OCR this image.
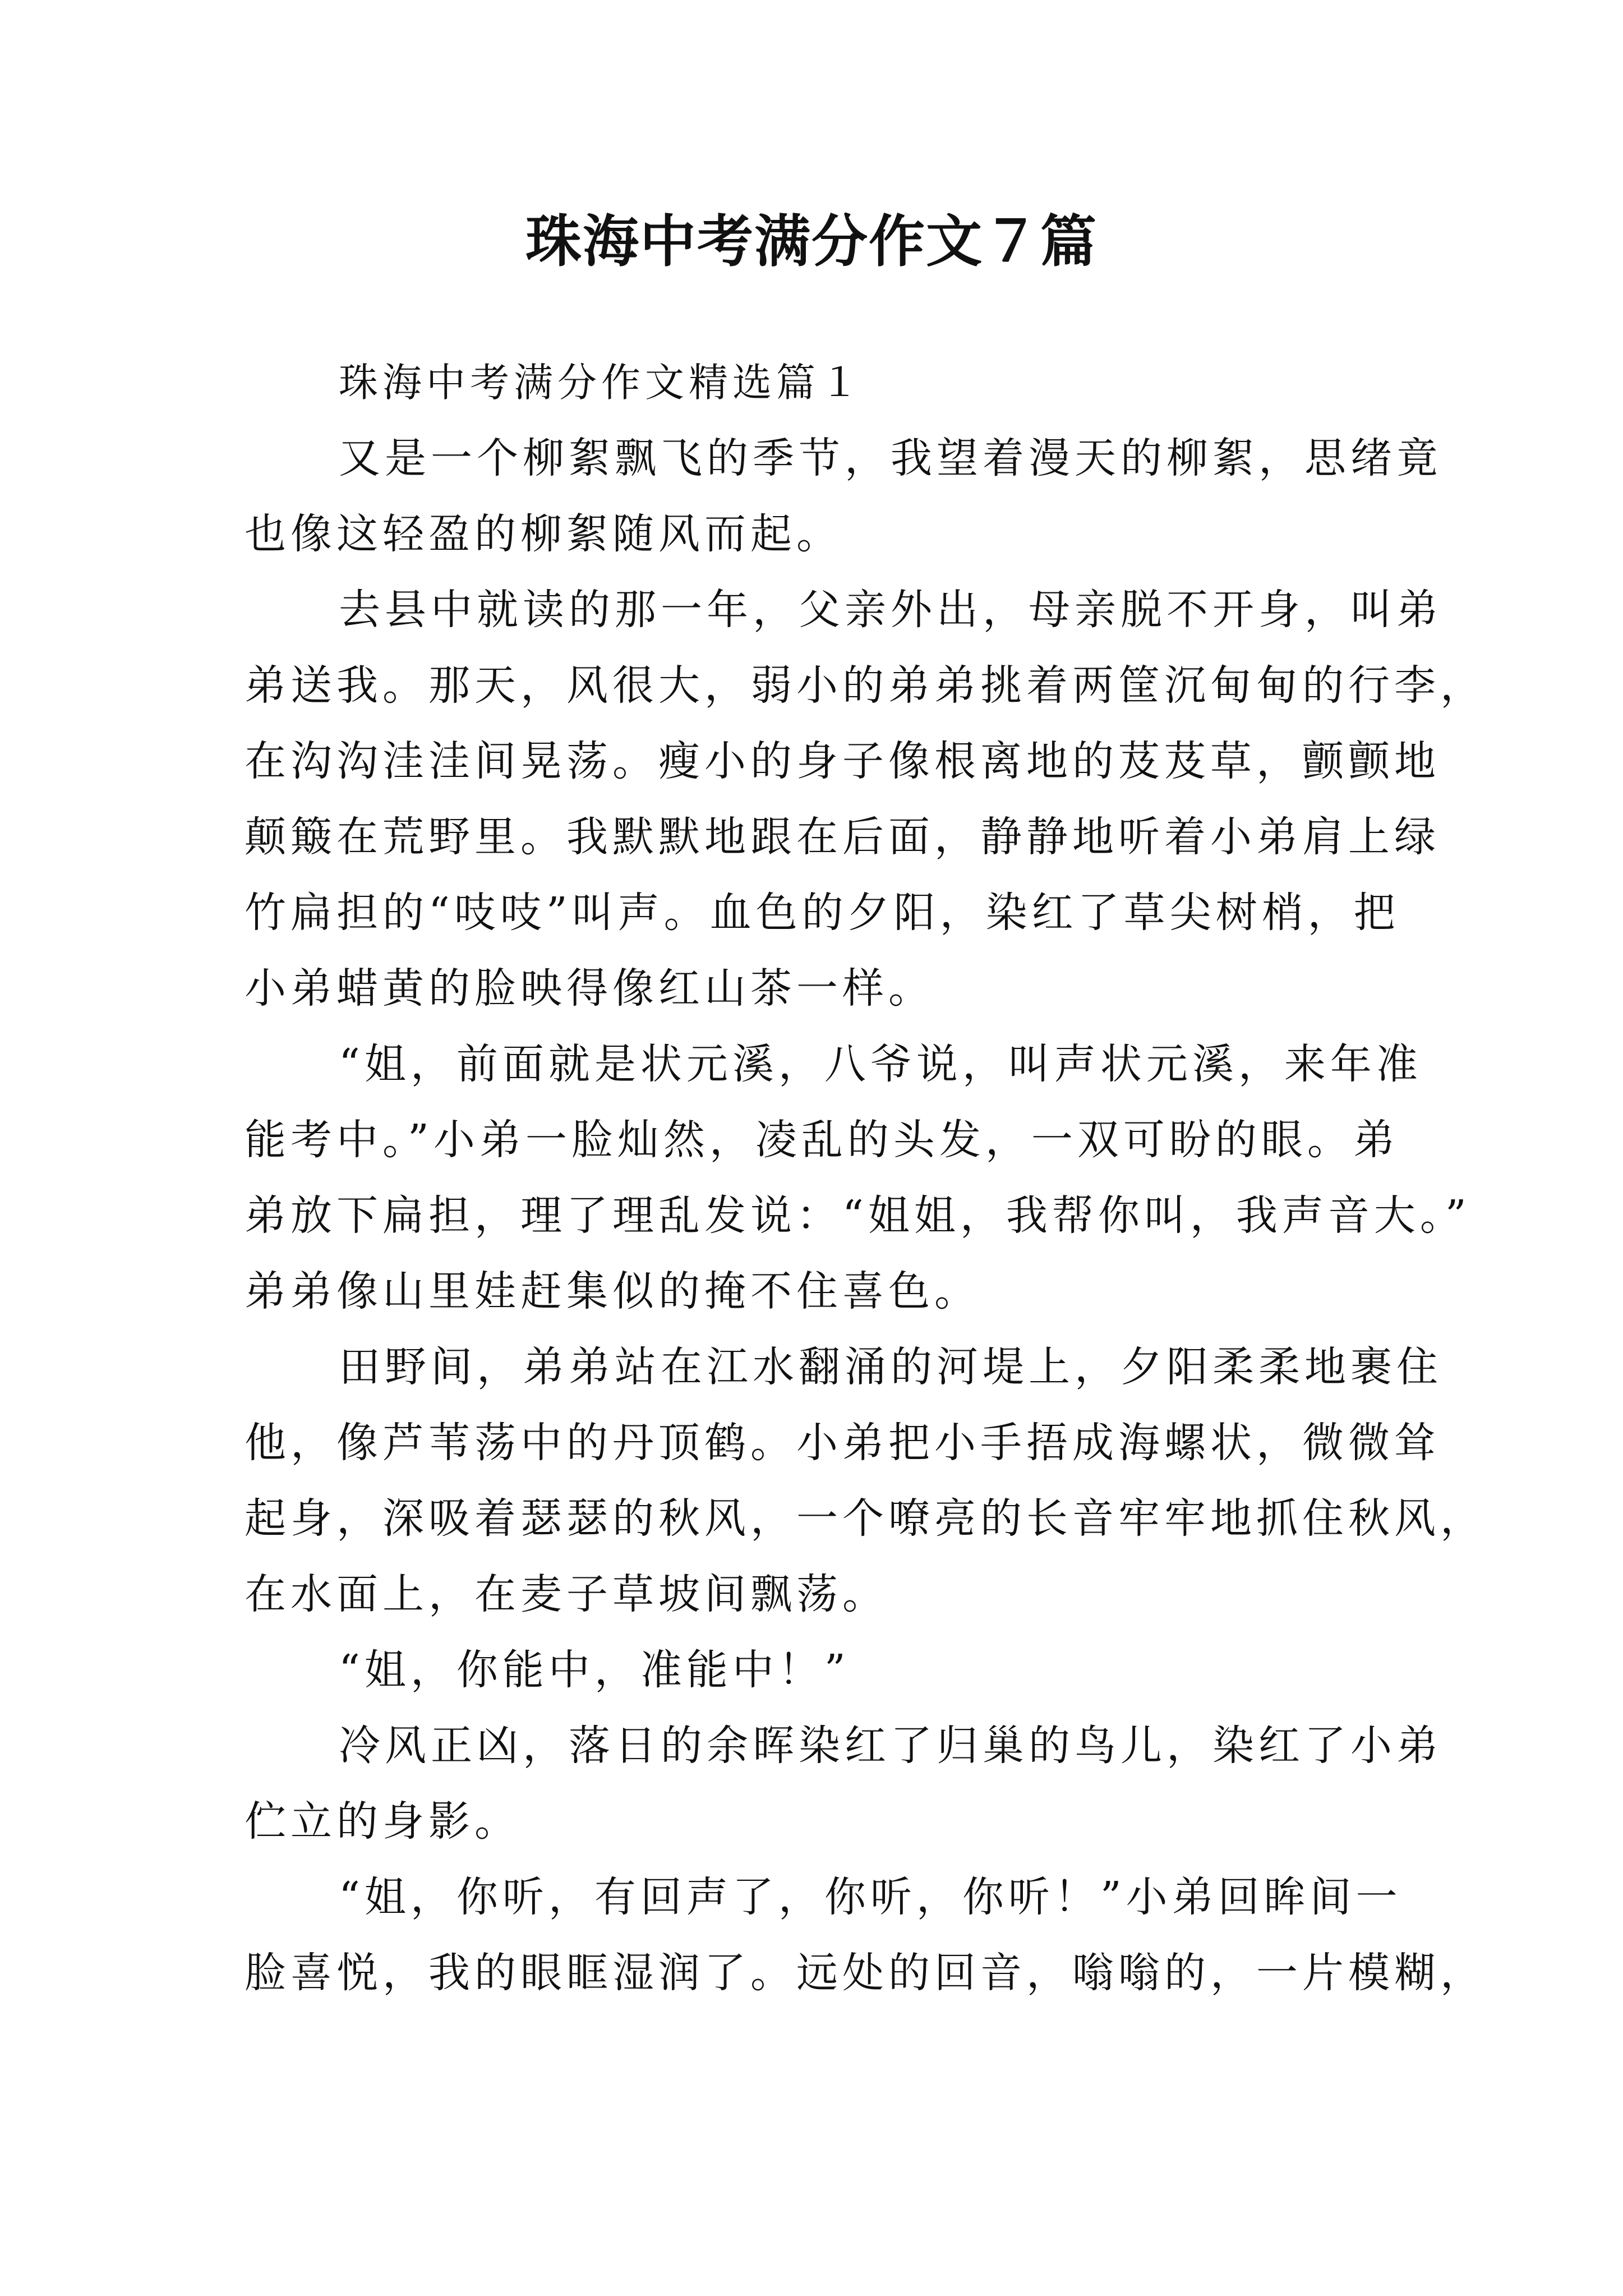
珠海中考满分作文７篇
珠海中考满分作文精选篇１
又是一个柳絮飘飞的季节，我望着漫天的柳絮，思绪竟
也像这轻盈的柳絮随风而起。
去县中就读的那一年，父亲外出，母亲脱不开身，叫弟
弟送我。那天，风很大，弱小的弟弟挑着两筐沉甸甸的行李，
在沟沟洼洼间晃荡。瘦小的身子像根离地的芨芨草，颤颤地
颠簸在荒野里。我默默地跟在后面，静静地听着小弟肩上绿
竹扁担的“吱吱”叫声。血色的夕阳，染红了草尖树梢，把
小弟蜡黄的脸映得像红山茶一样。
“姐，前面就是状元溪，八爷说，叫声状元溪，来年准
能考中。”小弟一脸灿然，凌乱的头发，一双可盼的眼。弟
弟放下扁担，理了理乱发说：“姐姐，我帮你叫，我声音大。”
弟弟像山里娃赶集似的掩不住喜色。
田野间，弟弟站在江水翻涌的河堤上，夕阳柔柔地裹住
他，像芦苇荡中的丹顶鹤。小弟把小手捂成海螺状，微微耸
起身，深吸着瑟瑟的秋风，一个嘹亮的长音牢牢地抓住秋风，
在水面上，在麦子草坡间飘荡。
“姐，你能中，准能中！”
冷风正凶，落日的余晖染红了归巢的鸟儿，染红了小弟
伫立的身影。
“姐，你听，有回声了，你听，你听！”小弟回眸间一
脸喜悦，我的眼眶湿润了。远处的回音，嗡嗡的，一片模糊，
